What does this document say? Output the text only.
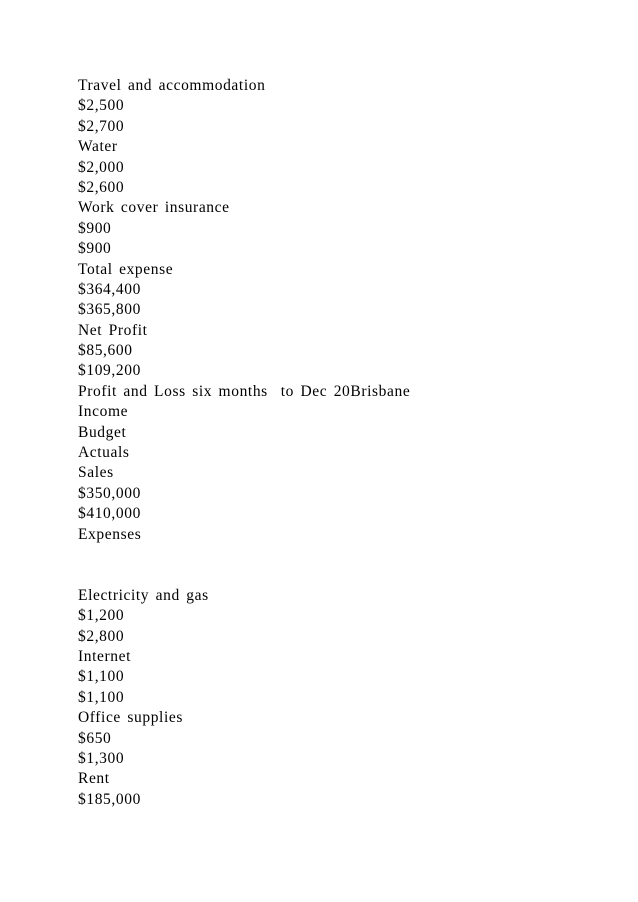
Travel and accommodation
$2,500
$2,700
Water
$2,000
$2,600
Work cover insurance
$900
$900
Total expense
$364,400
$365,800
Net Profit
$85,600
$109,200
Profit and Loss six months  to Dec 20Brisbane
Income
Budget
Actuals
Sales
$350,000
$410,000
Expenses
Electricity and gas
$1,200
$2,800
Internet
$1,100
$1,100
Office supplies
$650
$1,300
Rent
$185,000
